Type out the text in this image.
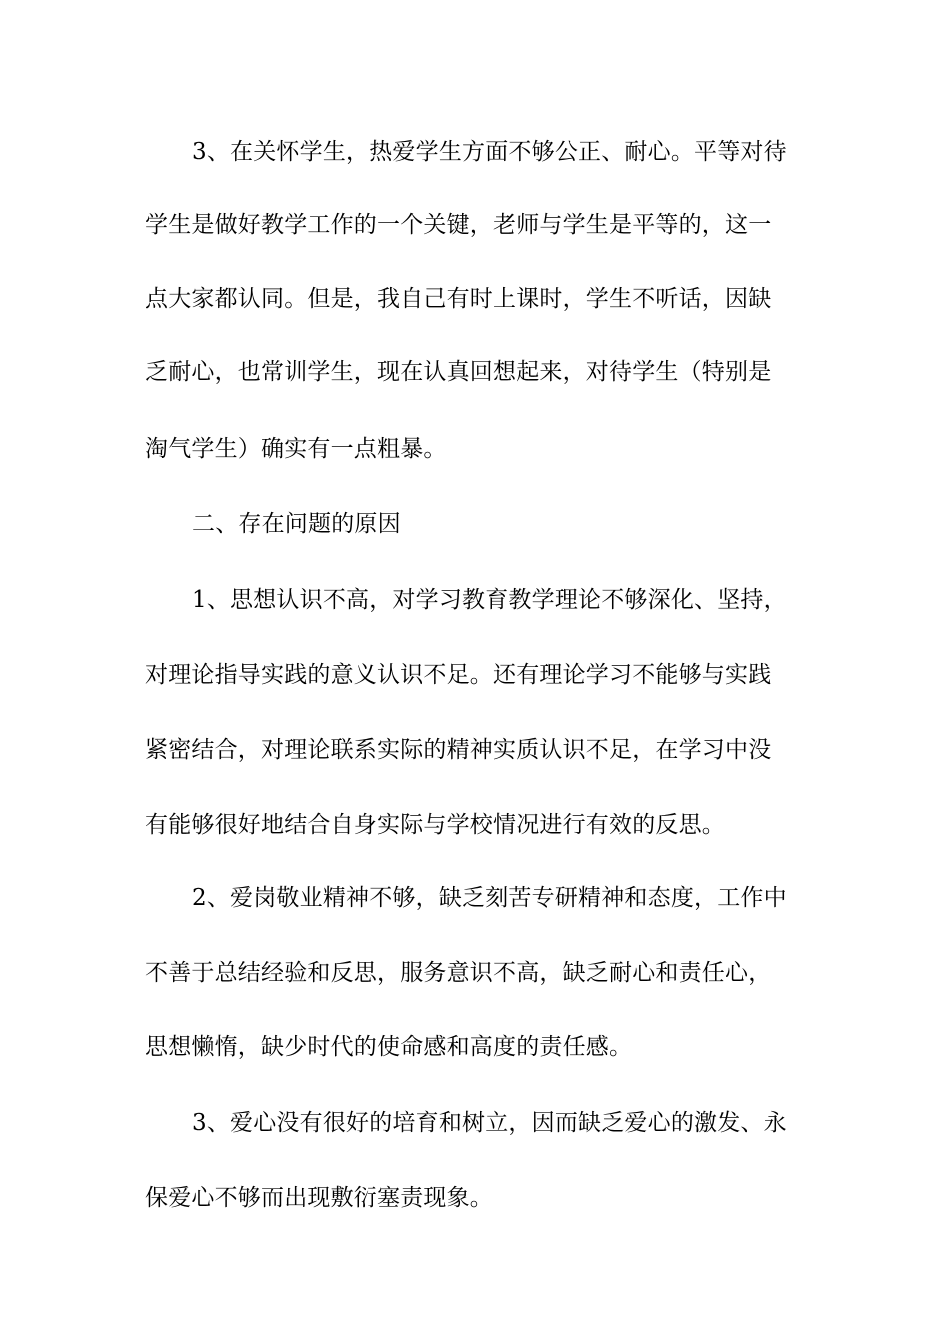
3、在关怀学生，热爱学生方面不够公正、耐心。平等对待
学生是做好教学工作的一个关键，老师与学生是平等的，这一
点大家都认同。但是，我自己有时上课时，学生不听话，因缺
乏耐心，也常训学生，现在认真回想起来，对待学生（特别是
淘气学生）确实有一点粗暴。
二、存在问题的原因
1、思想认识不高，对学习教育教学理论不够深化、坚持，
对理论指导实践的意义认识不足。还有理论学习不能够与实践
紧密结合，对理论联系实际的精神实质认识不足，在学习中没
有能够很好地结合自身实际与学校情况进行有效的反思。
2、爱岗敬业精神不够，缺乏刻苦专研精神和态度，工作中
不善于总结经验和反思，服务意识不高，缺乏耐心和责任心，
思想懒惰，缺少时代的使命感和高度的责任感。
3、爱心没有很好的培育和树立，因而缺乏爱心的激发、永
保爱心不够而出现敷衍塞责现象。
